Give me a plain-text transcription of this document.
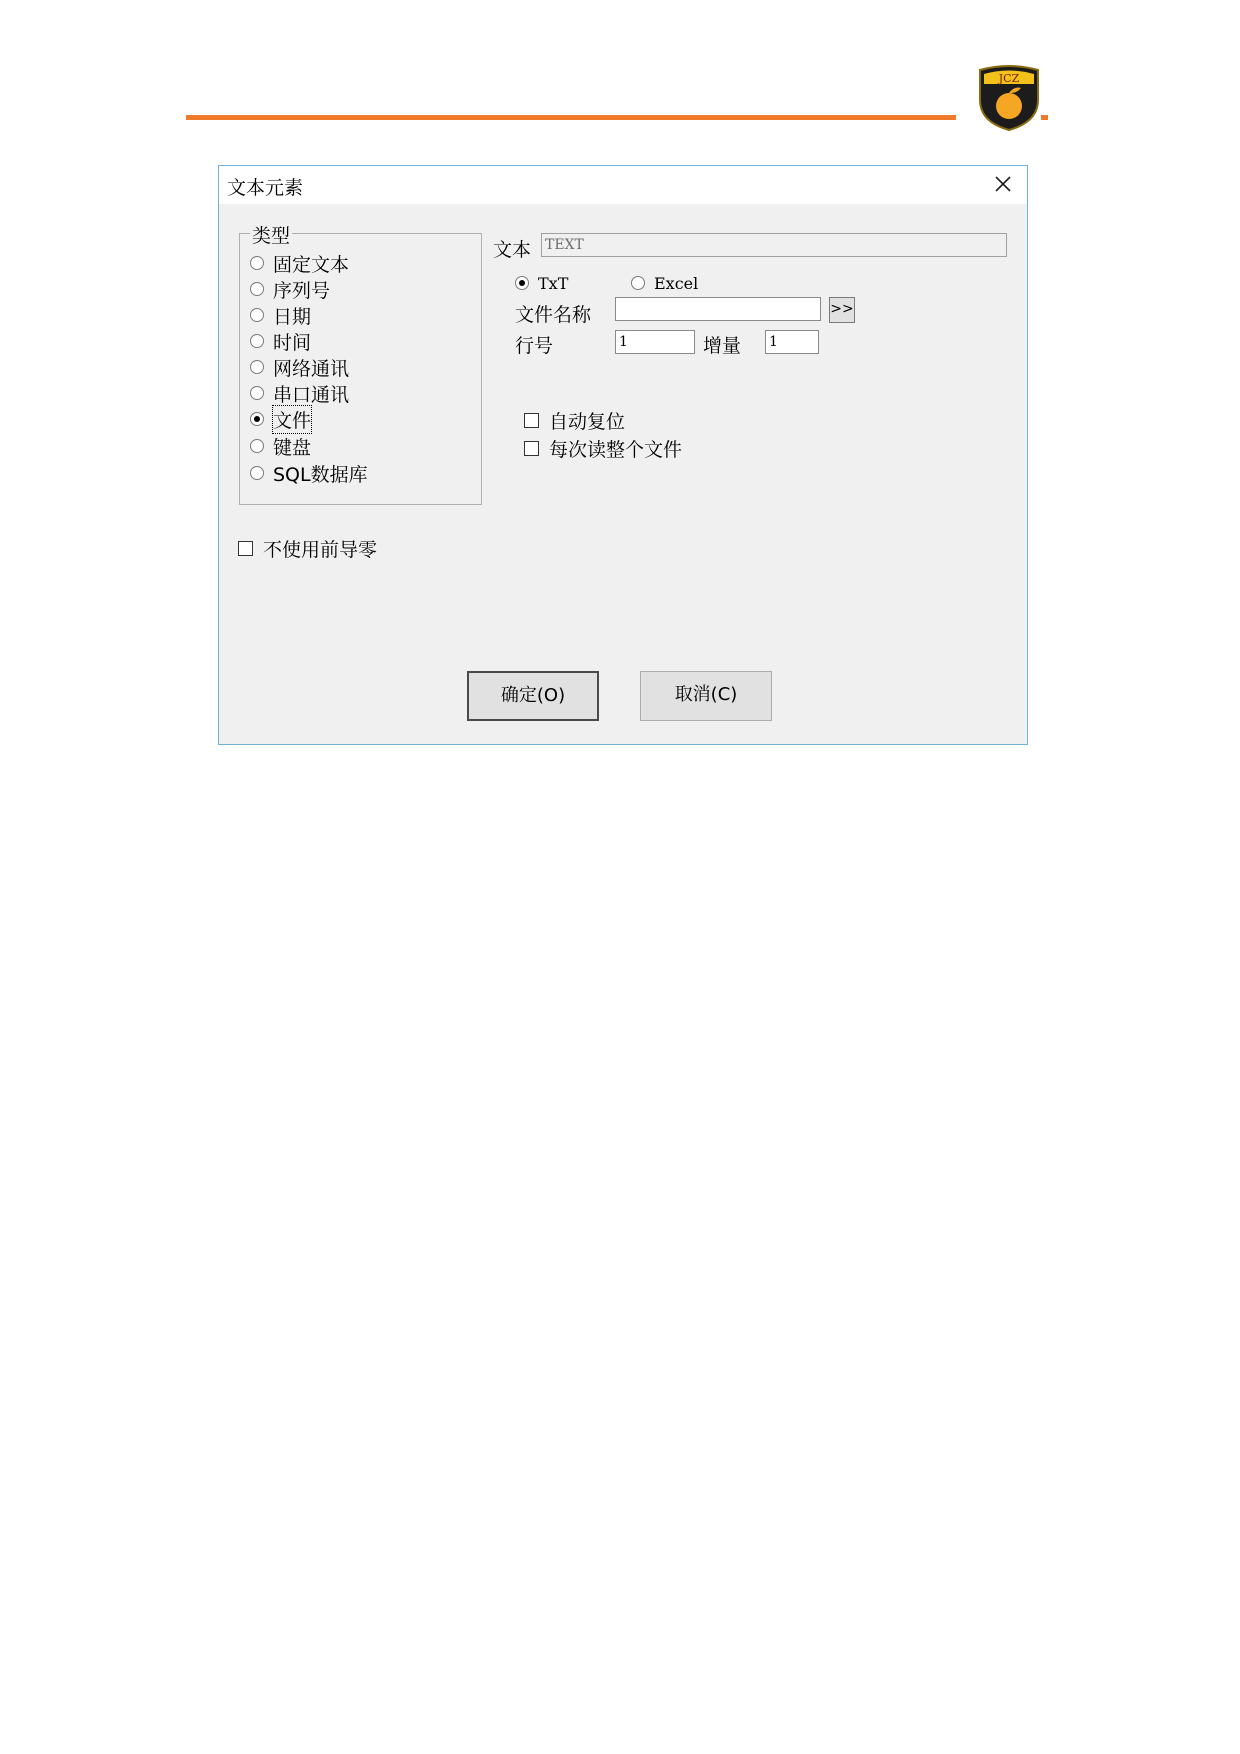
JCZ
文本元素
类型
固定文本
序列号
日期
时间
网络通讯
串口通讯
文件
键盘
SQL数据库
文本 TEXT
TxT	Excel
文件名称	>>
行号	1	增量 1
自动复位
每次读整个文件
不使用前导零
确定(O)	取消(C)
